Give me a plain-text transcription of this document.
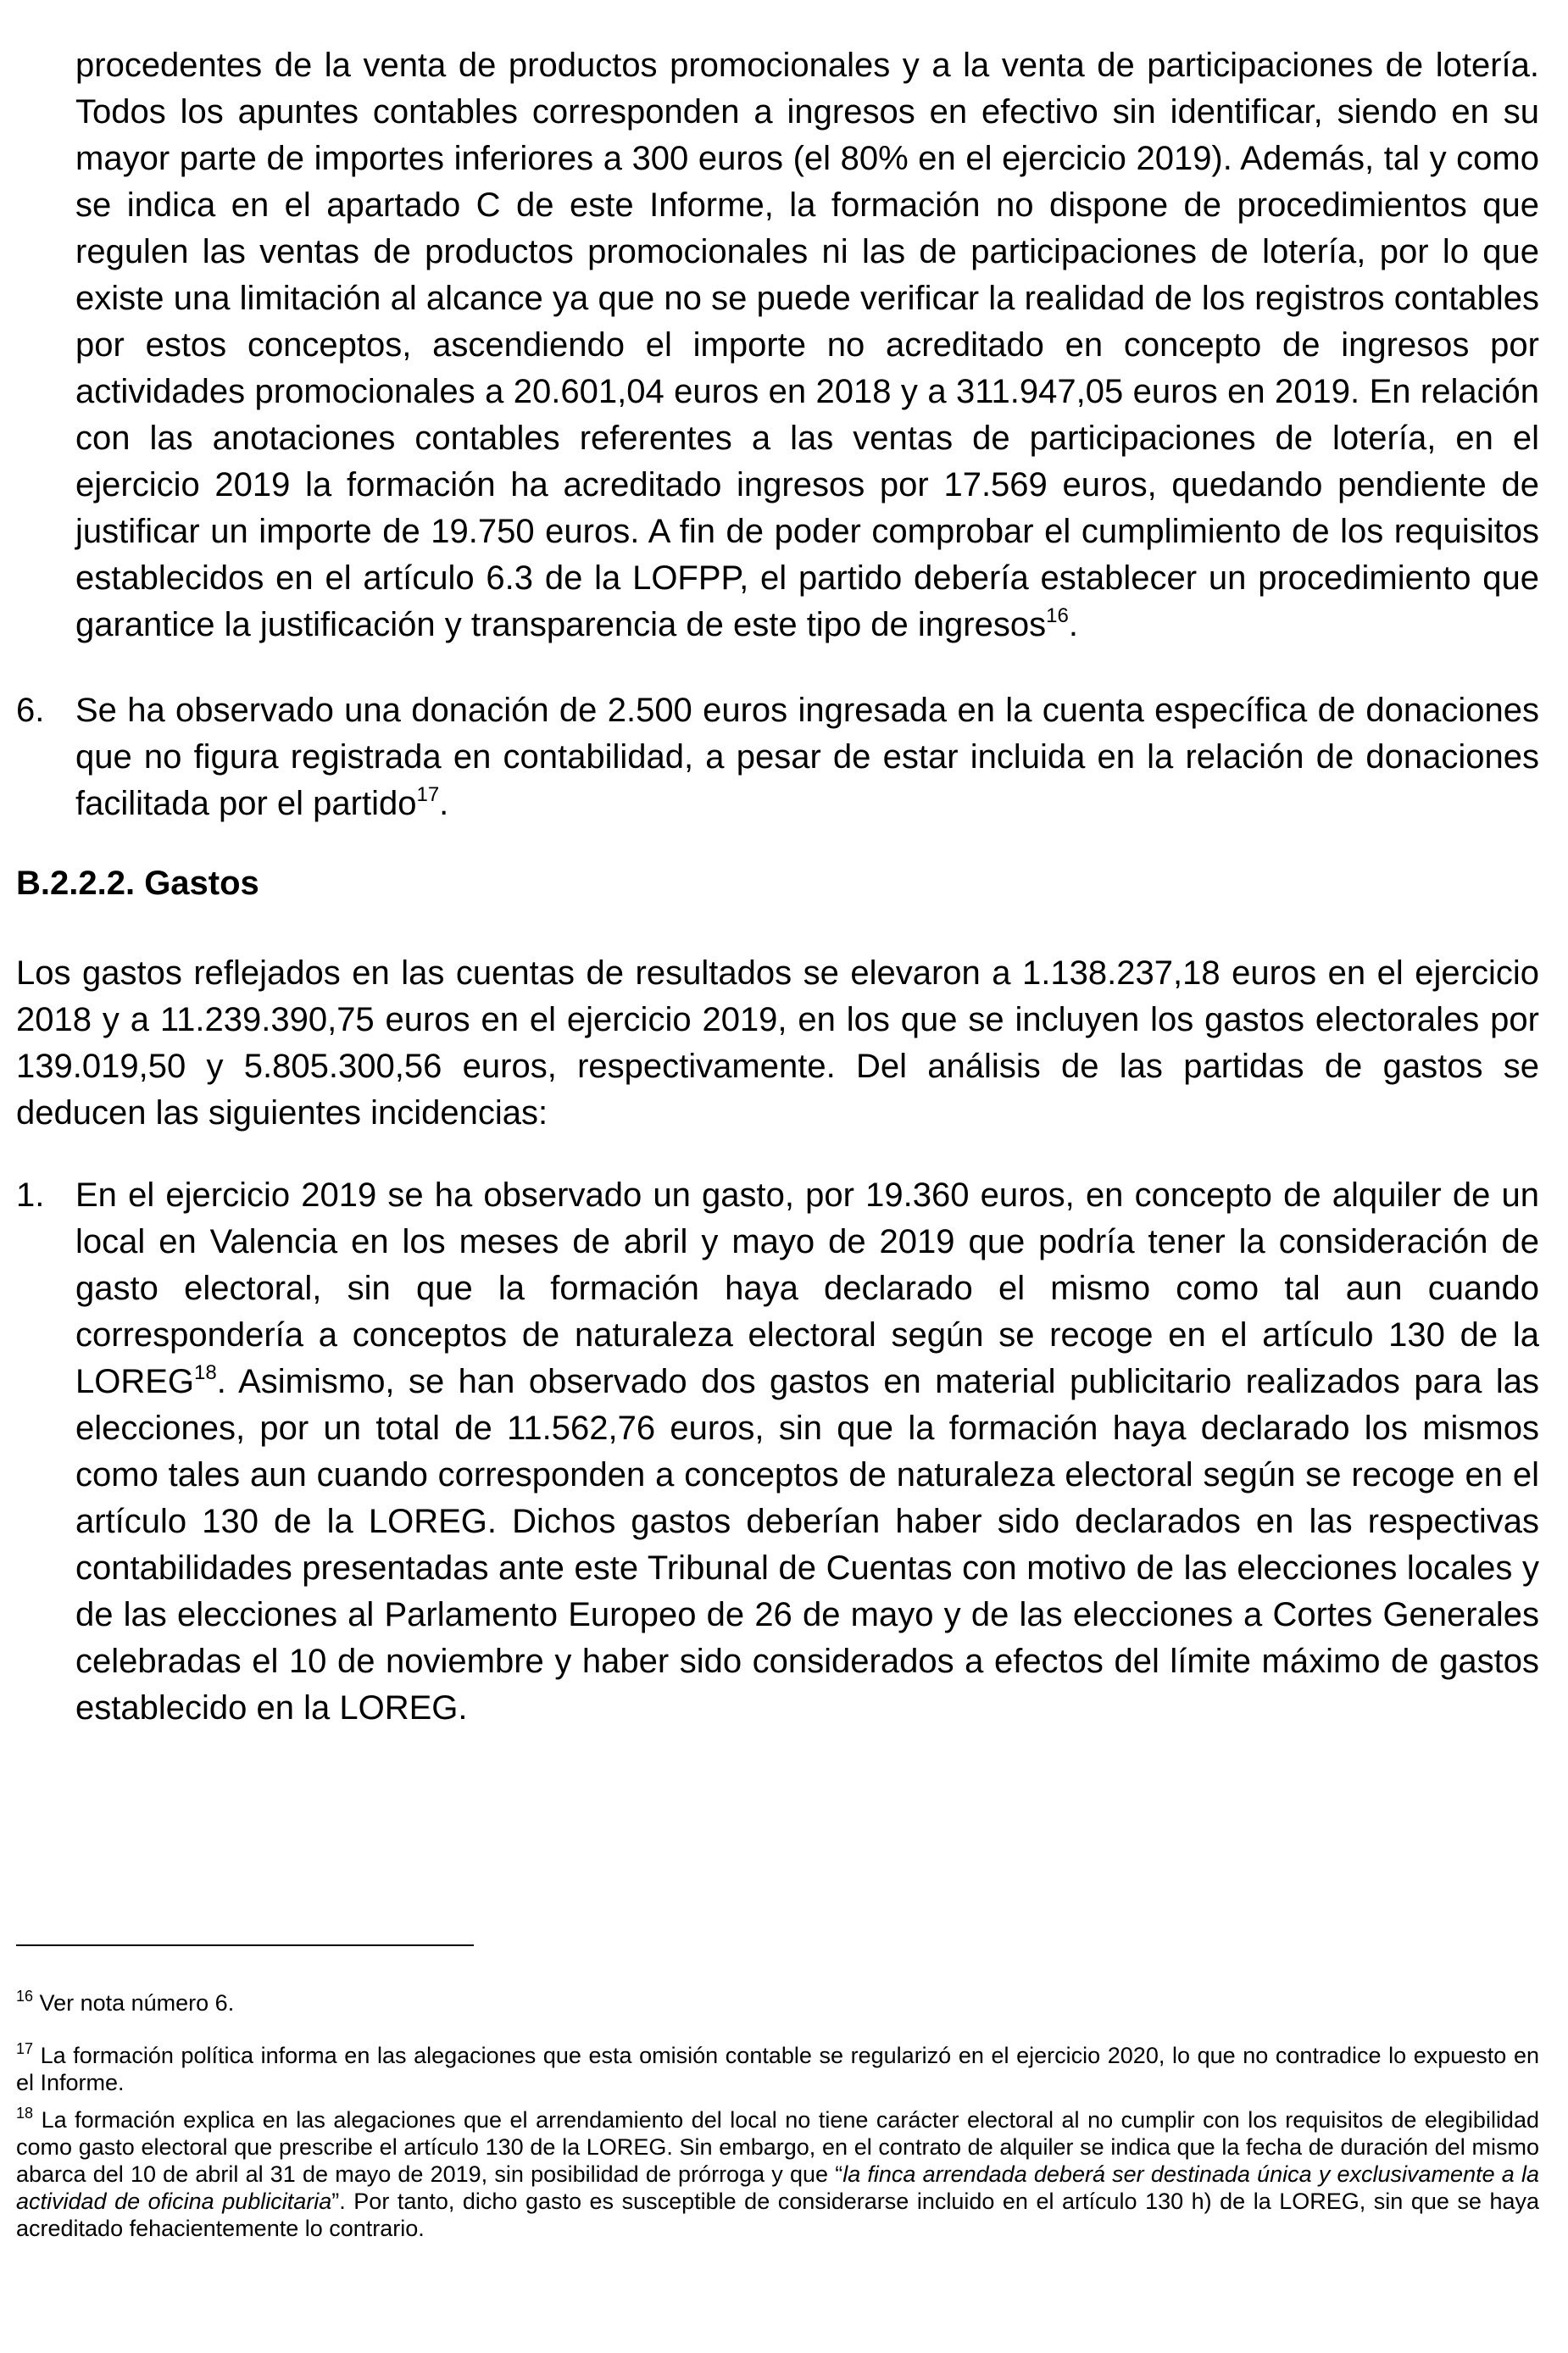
procedentes de la venta de productos promocionales y a la venta de participaciones de lotería. Todos los apuntes contables corresponden a ingresos en efectivo sin identificar, siendo en su mayor parte de importes inferiores a 300 euros (el 80% en el ejercicio 2019). Además, tal y como se indica en el apartado C de este Informe, la formación no dispone de procedimientos que regulen las ventas de productos promocionales ni las de participaciones de lotería, por lo que existe una limitación al alcance ya que no se puede verificar la realidad de los registros contables por estos conceptos, ascendiendo el importe no acreditado en concepto de ingresos por actividades promocionales a 20.601,04 euros en 2018 y a 311.947,05 euros en 2019. En relación con las anotaciones contables referentes a las ventas de participaciones de lotería, en el ejercicio 2019 la formación ha acreditado ingresos por 17.569 euros, quedando pendiente de justificar un importe de 19.750 euros. A fin de poder comprobar el cumplimiento de los requisitos establecidos en el artículo 6.3 de la LOFPP, el partido debería establecer un procedimiento que garantice la justificación y transparencia de este tipo de ingresos$^{16}$.

6. Se ha observado una donación de 2.500 euros ingresada en la cuenta específica de donaciones que no figura registrada en contabilidad, a pesar de estar incluida en la relación de donaciones facilitada por el partido$^{17}$.

B.2.2.2. Gastos

Los gastos reflejados en las cuentas de resultados se elevaron a 1.138.237,18 euros en el ejercicio 2018 y a 11.239.390,75 euros en el ejercicio 2019, en los que se incluyen los gastos electorales por 139.019,50 y 5.805.300,56 euros, respectivamente. Del análisis de las partidas de gastos se deducen las siguientes incidencias:

1. En el ejercicio 2019 se ha observado un gasto, por 19.360 euros, en concepto de alquiler de un local en Valencia en los meses de abril y mayo de 2019 que podría tener la consideración de gasto electoral, sin que la formación haya declarado el mismo como tal aun cuando correspondería a conceptos de naturaleza electoral según se recoge en el artículo 130 de la LOREG$^{18}$. Asimismo, se han observado dos gastos en material publicitario realizados para las elecciones, por un total de 11.562,76 euros, sin que la formación haya declarado los mismos como tales aun cuando corresponden a conceptos de naturaleza electoral según se recoge en el artículo 130 de la LOREG. Dichos gastos deberían haber sido declarados en las respectivas contabilidades presentadas ante este Tribunal de Cuentas con motivo de las elecciones locales y de las elecciones al Parlamento Europeo de 26 de mayo y de las elecciones a Cortes Generales celebradas el 10 de noviembre y haber sido considerados a efectos del límite máximo de gastos establecido en la LOREG.

$^{16}$ Ver nota número 6.

$^{17}$ La formación política informa en las alegaciones que esta omisión contable se regularizó en el ejercicio 2020, lo que no contradice lo expuesto en el Informe.

$^{18}$ La formación explica en las alegaciones que el arrendamiento del local no tiene carácter electoral al no cumplir con los requisitos de elegibilidad como gasto electoral que prescribe el artículo 130 de la LOREG. Sin embargo, en el contrato de alquiler se indica que la fecha de duración del mismo abarca del 10 de abril al 31 de mayo de 2019, sin posibilidad de prórroga y que “la finca arrendada deberá ser destinada única y exclusivamente a la actividad de oficina publicitaria”. Por tanto, dicho gasto es susceptible de considerarse incluido en el artículo 130 h) de la LOREG, sin que se haya acreditado fehacientemente lo contrario.
